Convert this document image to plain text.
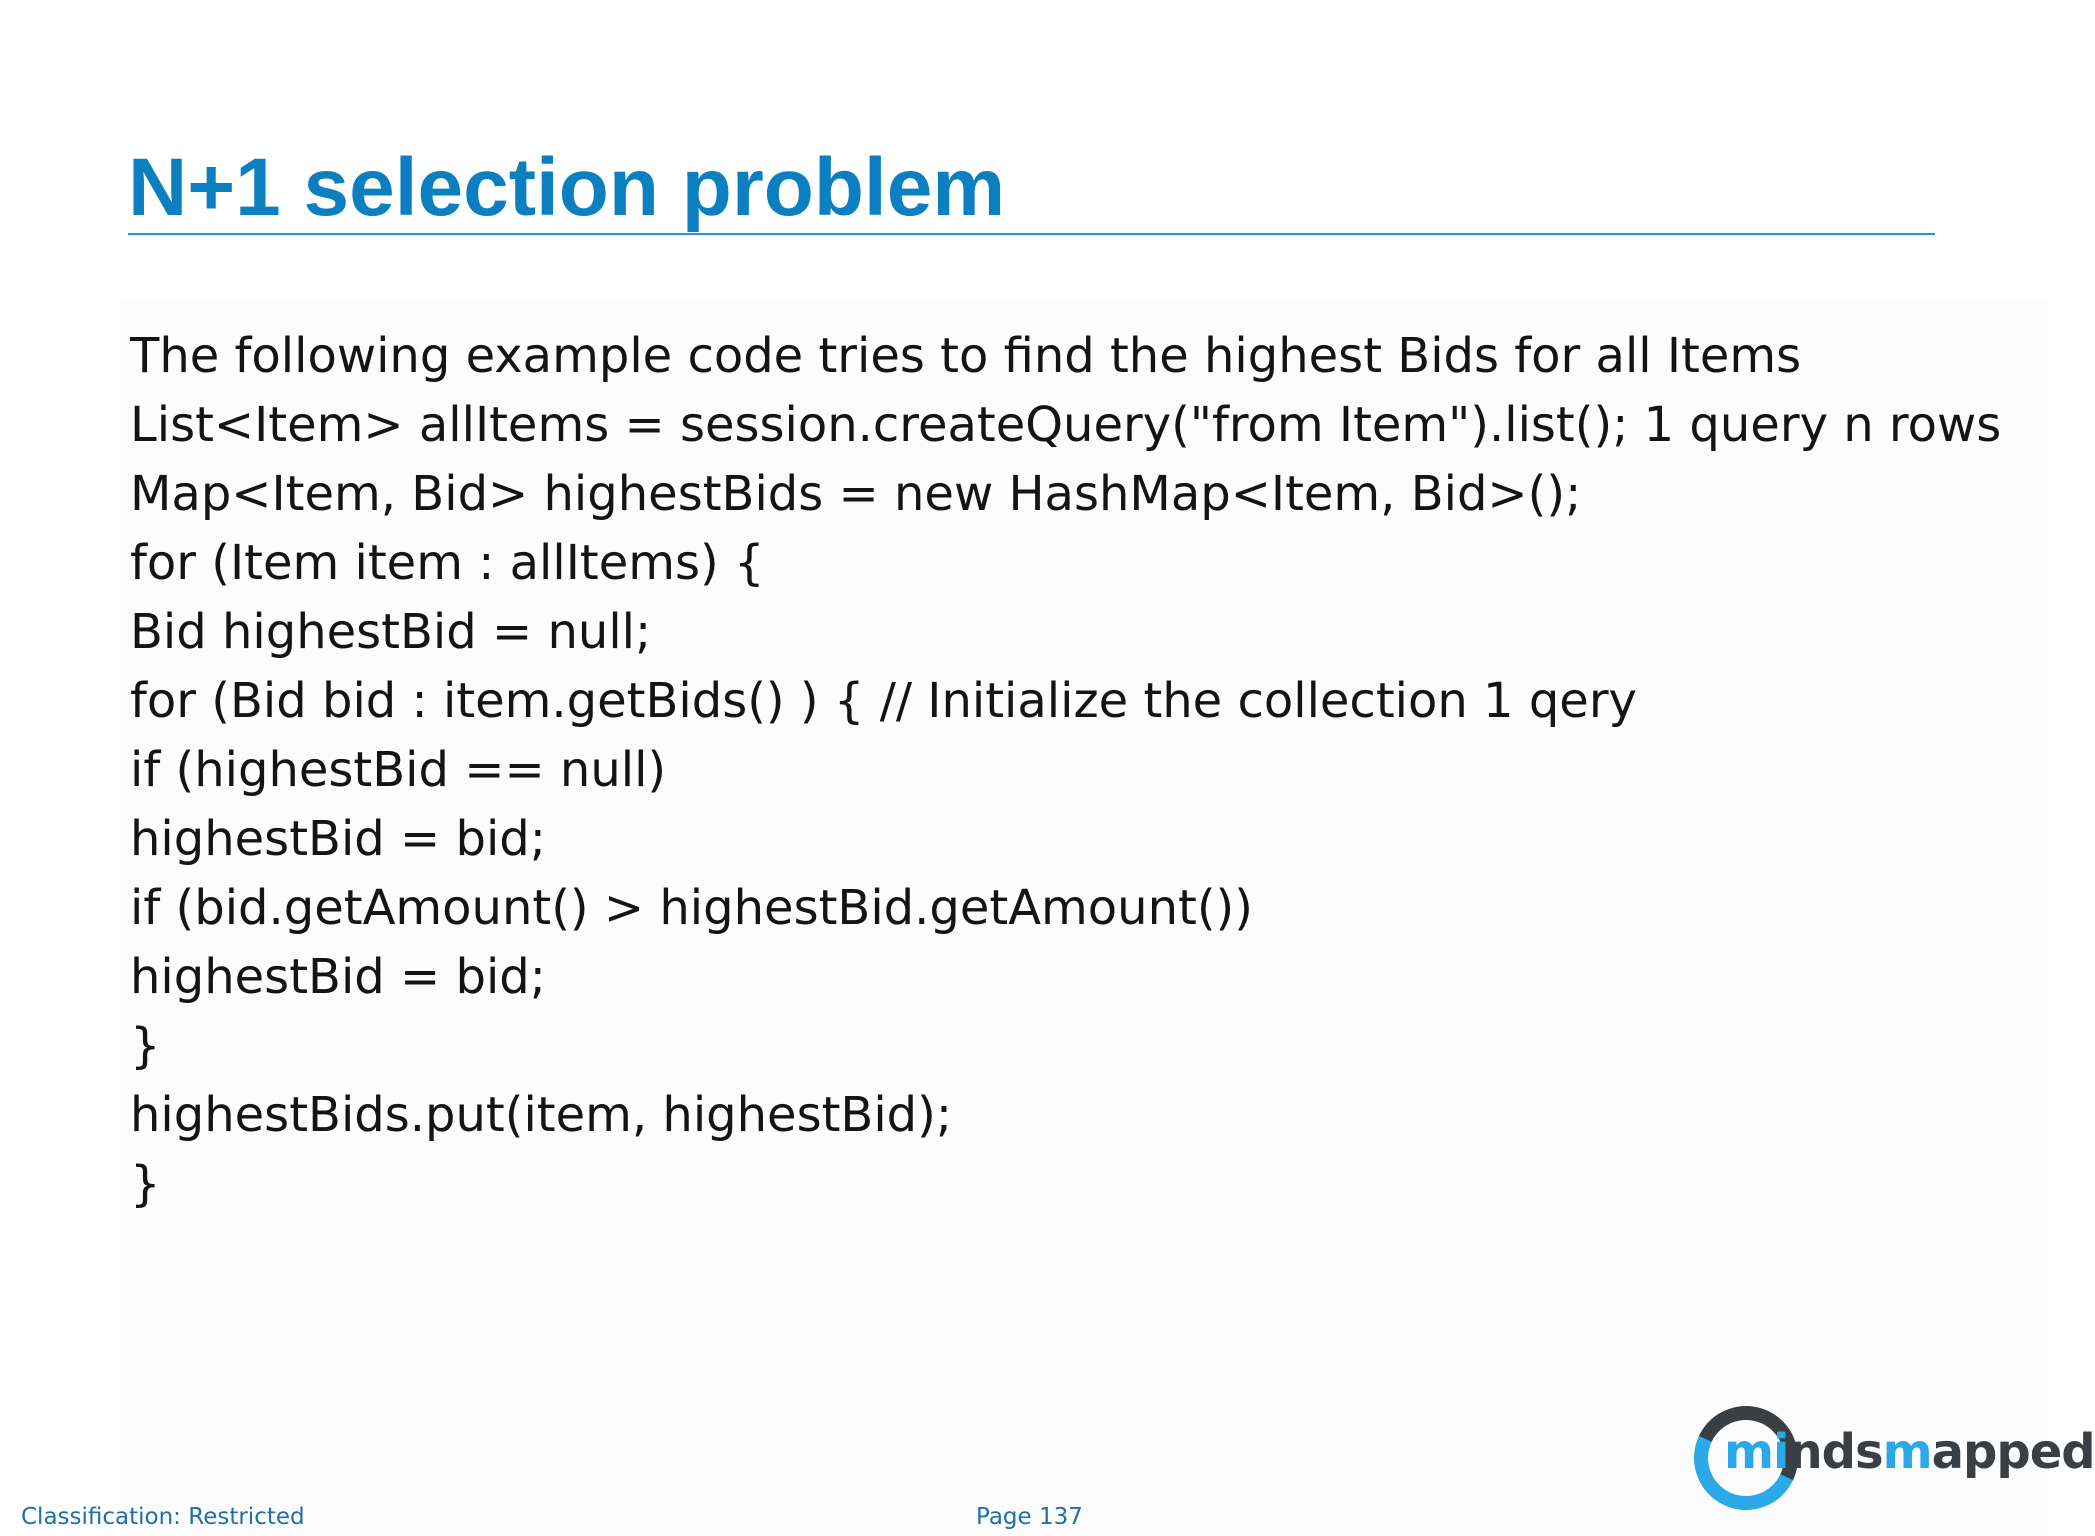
N+1 selection problem
The following example code tries to find the highest Bids for all Items
List<Item> allItems = session.createQuery("from Item").list(); 1 query n rows
Map<Item, Bid> highestBids = new HashMap<Item, Bid>();
for (Item item : allItems) {
Bid highestBid = null;
for (Bid bid : item.getBids() ) { // Initialize the collection 1 qery
if (highestBid == null)
highestBid = bid;
if (bid.getAmount() > highestBid.getAmount())
highestBid = bid;
}
highestBids.put(item, highestBid);
}
Classification: Restricted	Page 137
mindsmapped
